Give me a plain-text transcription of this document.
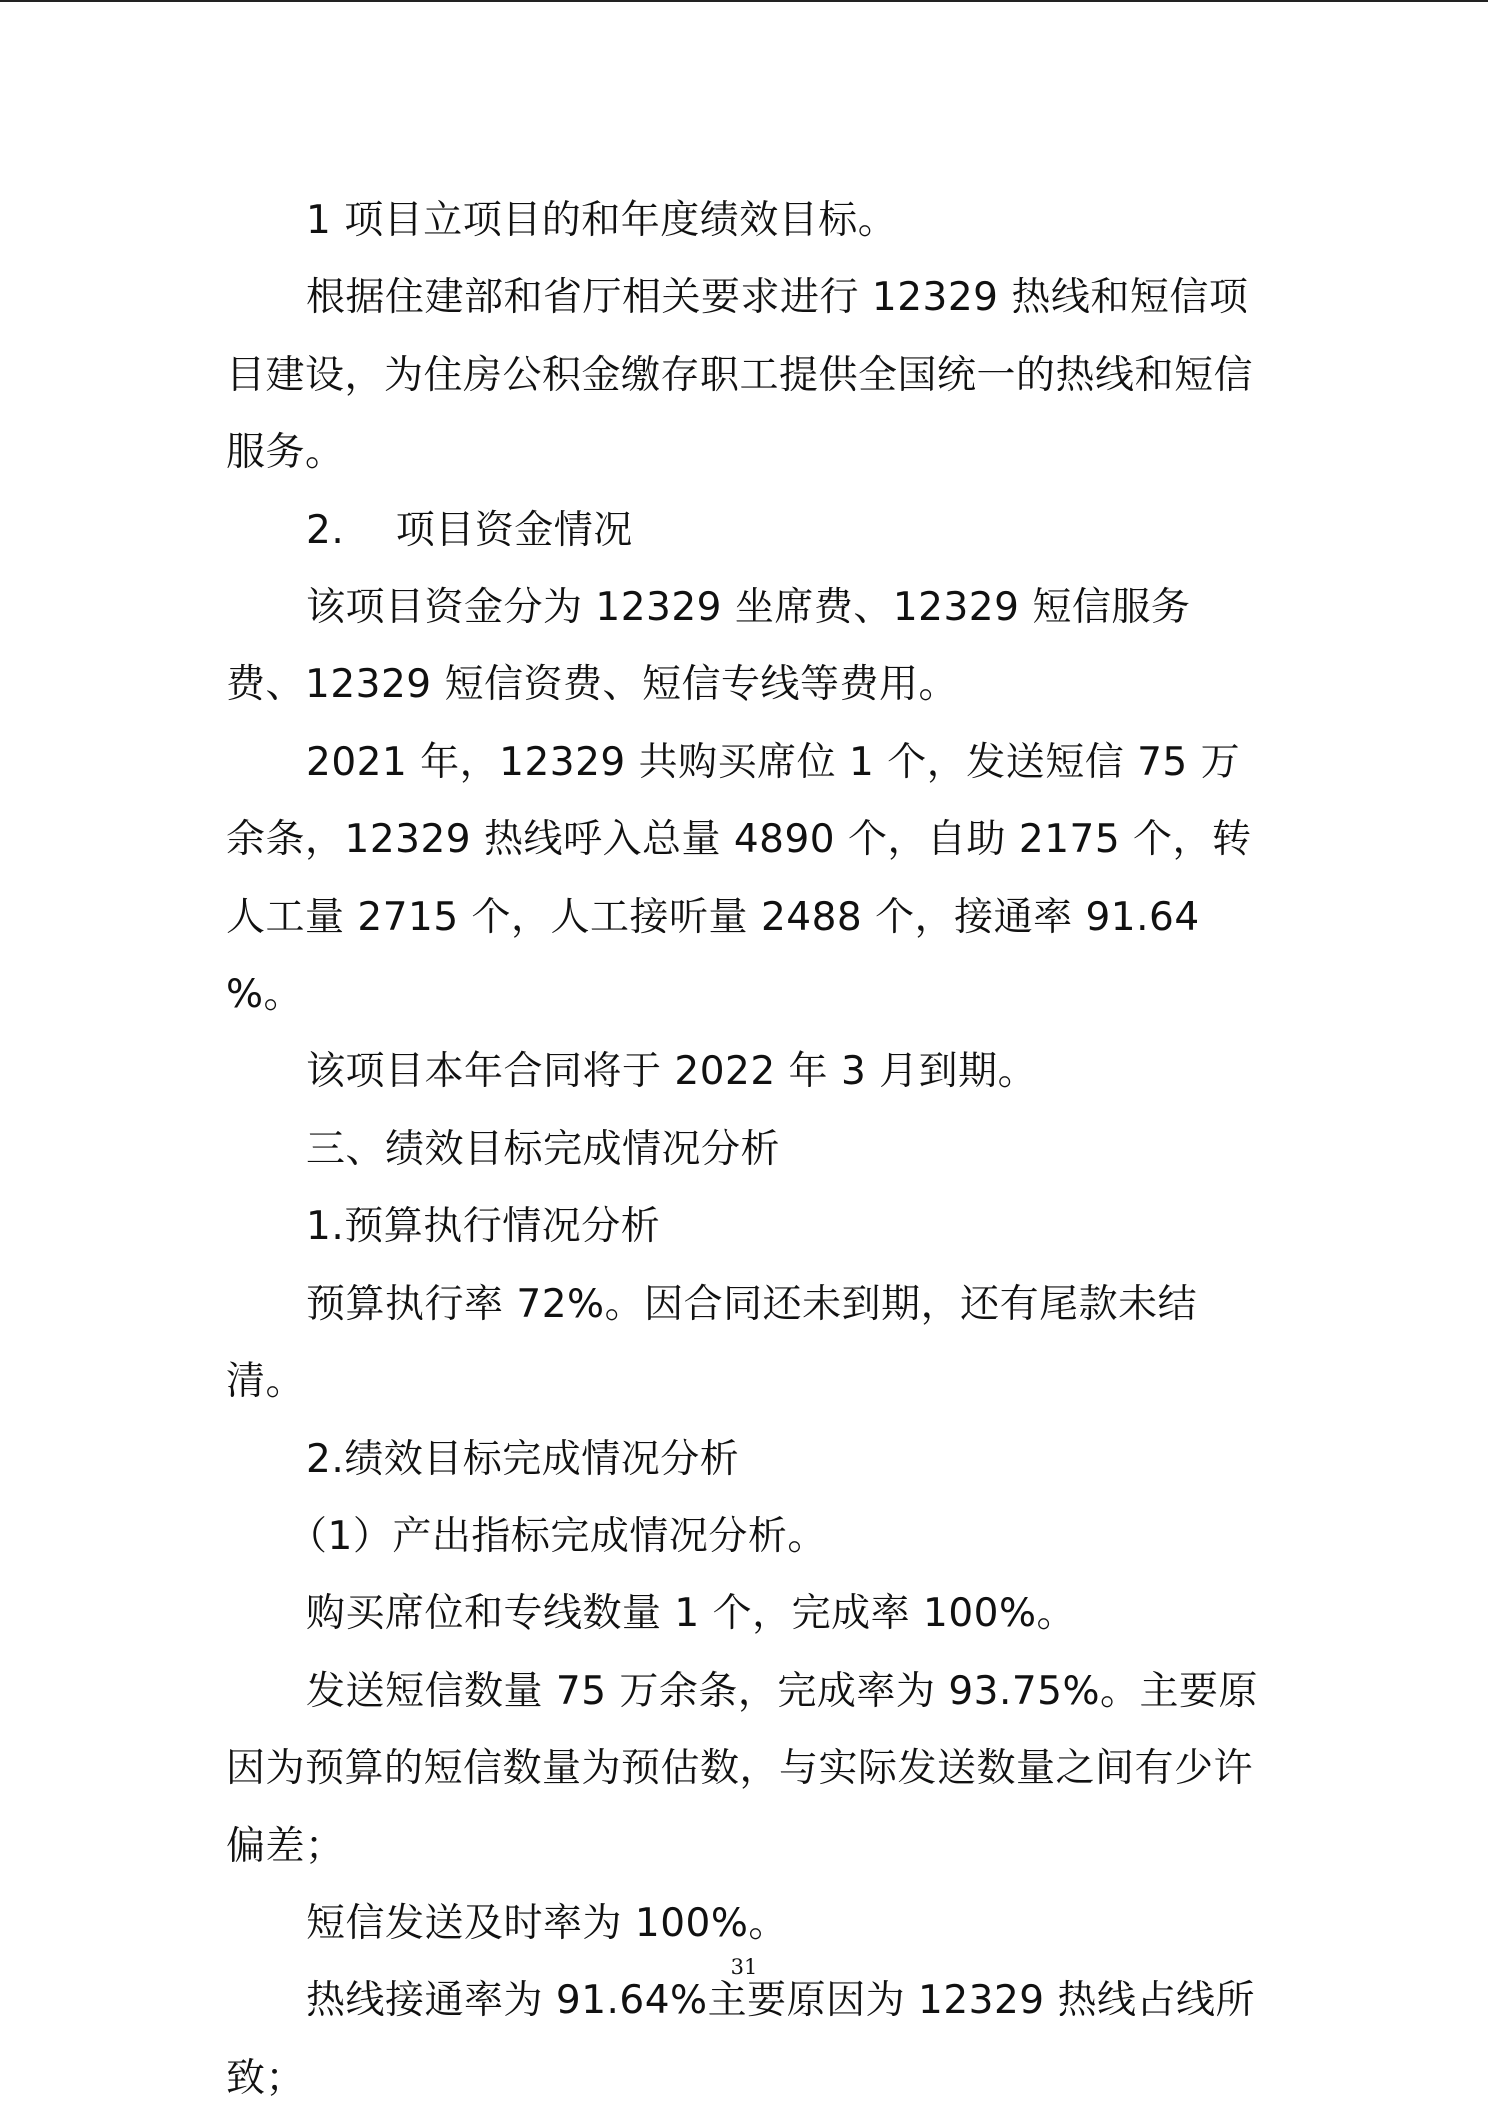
1 项目立项目的和年度绩效目标。

根据住建部和省厅相关要求进行 12329 热线和短信项目建设，为住房公积金缴存职工提供全国统一的热线和短信服务。

2.    项目资金情况

该项目资金分为 12329 坐席费、12329 短信服务费、12329 短信资费、短信专线等费用。

2021 年，12329 共购买席位 1 个，发送短信 75 万余条，12329 热线呼入总量 4890 个，自助 2175 个，转人工量 2715 个，人工接听量 2488 个，接通率 91.64 %。

该项目本年合同将于 2022 年 3 月到期。

三、绩效目标完成情况分析

1.预算执行情况分析

预算执行率 72%。因合同还未到期，还有尾款未结清。

2.绩效目标完成情况分析

（1）产出指标完成情况分析。

购买席位和专线数量 1 个，完成率 100%。

发送短信数量 75 万余条，完成率为 93.75%。主要原因为预算的短信数量为预估数，与实际发送数量之间有少许偏差；

短信发送及时率为 100%。

热线接通率为 91.64%主要原因为 12329 热线占线所致；

31
